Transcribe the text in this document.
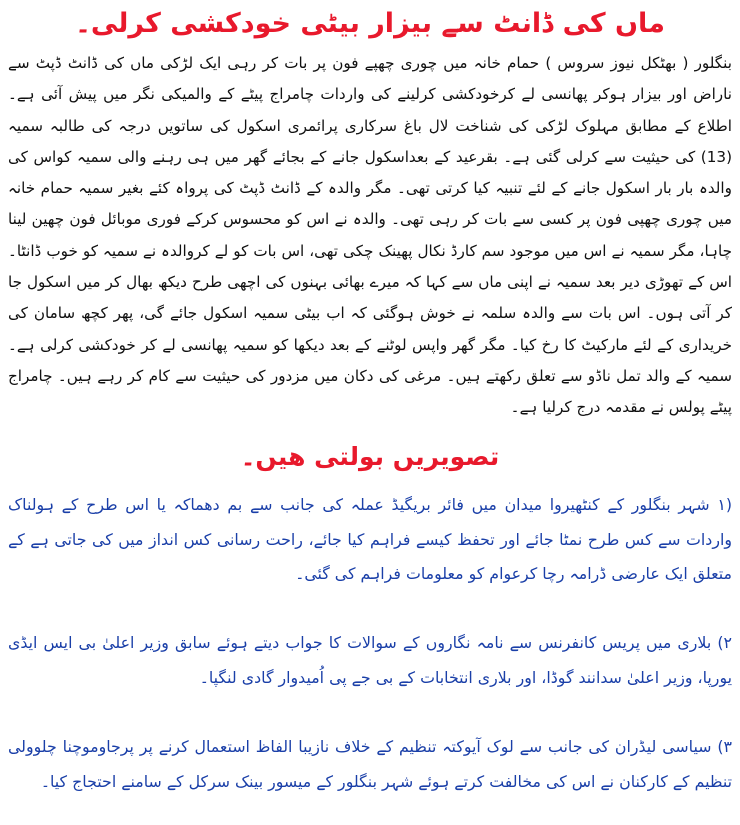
ماں کی ڈانٹ سے بیزار بیٹی خودکشی کرلی۔

بنگلور ( بھٹکل نیوز سروس ) حمام خانہ میں چوری چھپے فون پر بات کر رہی ایک لڑکی ماں کی ڈانٹ ڈپٹ سے ناراض اور بیزار ہوکر پھانسی لے کرخودکشی کرلینے کی واردات چامراج پیٹے کے والمیکی نگر میں پیش آئی ہے۔ اطلاع کے مطابق مہلوک لڑکی کی شناخت لال باغ سرکاری پرائمری اسکول کی ساتویں درجہ کی طالبہ سمیہ (13) کی حیثیت سے کرلی گئی ہے۔ بقرعید کے بعداسکول جانے کے بجائے گھر میں ہی رہنے والی سمیہ کواس کی والدہ بار بار اسکول جانے کے لئے تنبیہ کیا کرتی تھی۔ مگر والدہ کے ڈانٹ ڈپٹ کی پرواہ کئے بغیر سمیہ حمام خانہ میں چوری چھپی فون پر کسی سے بات کر رہی تھی۔ والدہ نے اس کو محسوس کرکے فوری موبائل فون چھین لینا چاہا، مگر سمیہ نے اس میں موجود سم کارڈ نکال پھینک چکی تھی، اس بات کو لے کروالدہ نے سمیہ کو خوب ڈانٹا۔ اس کے تھوڑی دیر بعد سمیہ نے اپنی ماں سے کہا کہ میرے بھائی بہنوں کی اچھی طرح دیکھ بھال کر میں اسکول جا کر آتی ہوں۔ اس بات سے والدہ سلمہ نے خوش ہوگئی کہ اب بیٹی سمیہ اسکول جائے گی، پھر کچھ سامان کی خریداری کے لئے مارکیٹ کا رخ کیا۔ مگر گھر واپس لوٹنے کے بعد دیکھا کو سمیہ پھانسی لے کر خودکشی کرلی ہے۔ سمیہ کے والد تمل ناڈو سے تعلق رکھتے ہیں۔ مرغی کی دکان میں مزدور کی حیثیت سے کام کر رہے ہیں۔ چامراج پیٹے پولس نے مقدمہ درج کرلیا ہے۔

تصویریں بولتی ھیں۔

(۱ شہر بنگلور کے کنٹھیروا میدان میں فائر بریگیڈ عملہ کی جانب سے بم دھماکہ یا اس طرح کے ہولناک واردات سے کس طرح نمٹا جائے اور تحفظ کیسے فراہم کیا جائے، راحت رسانی کس انداز میں کی جاتی ہے کے متعلق ایک عارضی ڈرامہ رچا کرعوام کو معلومات فراہم کی گئی۔

۲) بلاری میں پریس کانفرنس سے نامہ نگاروں کے سوالات کا جواب دیتے ہوئے سابق وزیر اعلیٰ بی ایس ایڈی یورپا، وزیر اعلیٰ سدانند گوڈا، اور بلاری انتخابات کے بی جے پی اُمیدوار گادی لنگپا۔

۳) سیاسی لیڈران کی جانب سے لوک آیوکتہ تنظیم کے خلاف نازیبا الفاظ استعمال کرنے پر پرجاوموچنا چلوولی تنظیم کے کارکنان نے اس کی مخالفت کرتے ہوئے شہر بنگلور کے میسور بینک سرکل کے سامنے احتجاج کیا۔
